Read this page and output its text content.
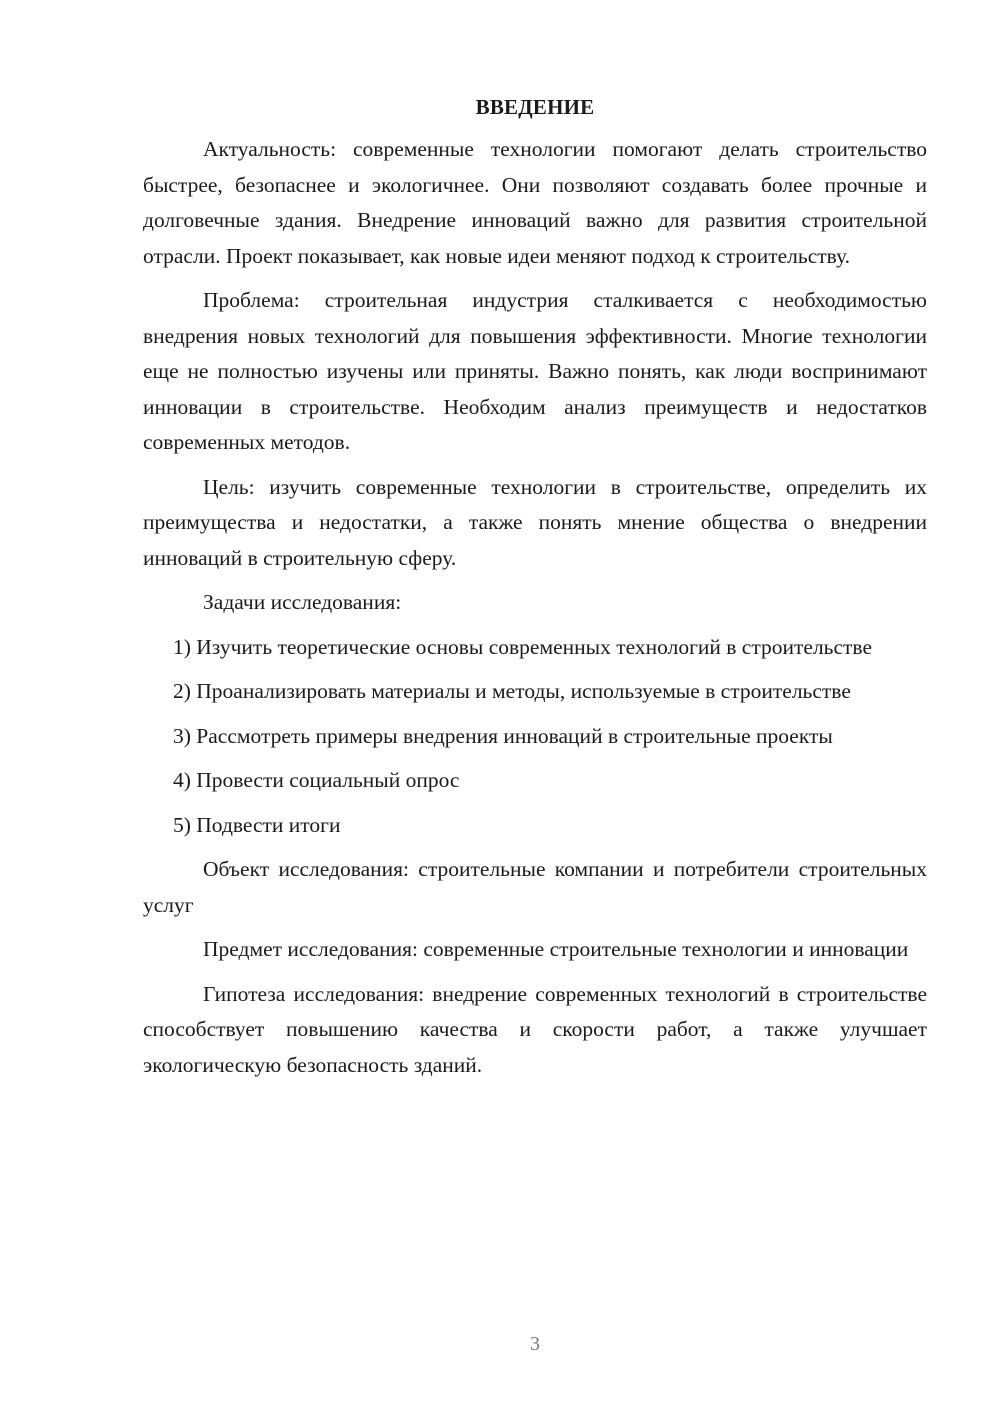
ВВЕДЕНИЕ

Актуальность: современные технологии помогают делать строительство быстрее, безопаснее и экологичнее. Они позволяют создавать более прочные и долговечные здания. Внедрение инноваций важно для развития строительной отрасли. Проект показывает, как новые идеи меняют подход к строительству.

Проблема: строительная индустрия сталкивается с необходимостью внедрения новых технологий для повышения эффективности. Многие технологии еще не полностью изучены или приняты. Важно понять, как люди воспринимают инновации в строительстве. Необходим анализ преимуществ и недостатков современных методов.

Цель: изучить современные технологии в строительстве, определить их преимущества и недостатки, а также понять мнение общества о внедрении инноваций в строительную сферу.

Задачи исследования:

1) Изучить теоретические основы современных технологий в строительстве

2) Проанализировать материалы и методы, используемые в строительстве

3) Рассмотреть примеры внедрения инноваций в строительные проекты

4) Провести социальный опрос

5) Подвести итоги

Объект исследования: строительные компании и потребители строительных услуг

Предмет исследования: современные строительные технологии и инновации

Гипотеза исследования: внедрение современных технологий в строительстве способствует повышению качества и скорости работ, а также улучшает экологическую безопасность зданий.

3
